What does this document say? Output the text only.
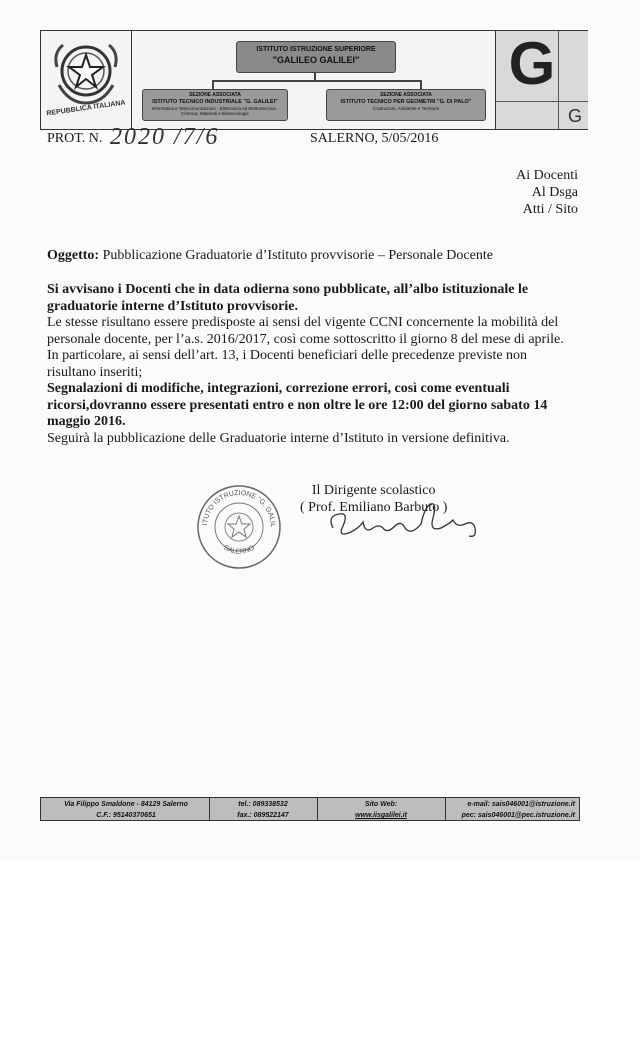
REPUBBLICA ITALIANA
ISTITUTO ISTRUZIONE SUPERIORE
"GALILEO GALILEI"
SEZIONE ASSOCIATA
ISTITUTO TECNICO INDUSTRIALE "G. GALILEI"
Informatica e Telecomunicazioni · Elettronica ed Elettrotecnica · Chimica, Materiali e Biotecnologie
SEZIONE ASSOCIATA
ISTITUTO TECNICO PER GEOMETRI "G. DI PALO"
Costruzioni, Ambiente e Territorio
G
G
PROT. N. 2020 /7/6	SALERNO, 5/05/2016
Ai Docenti
Al Dsga
Atti / Sito
Oggetto: Pubblicazione Graduatorie d’Istituto provvisorie – Personale Docente

Si avvisano i Docenti che in data odierna sono pubblicate, all’albo istituzionale le graduatorie interne d’Istituto provvisorie.

Le stesse risultano essere predisposte ai sensi del vigente CCNI concernente la mobilità del personale docente, per l’a.s. 2016/2017, così come sottoscritto il giorno 8 del mese di aprile. In particolare, ai sensi dell’art. 13, i Docenti beneficiari delle precedenze previste non risultano inseriti;

Segnalazioni di modifiche, integrazioni, correzione errori, così come eventuali ricorsi,dovranno essere presentati entro e non oltre le ore 12:00 del giorno sabato 14 maggio 2016.

Seguirà la pubblicazione delle Graduatorie interne d’Istituto in versione definitiva.

ITUTO ISTRUZIONE "G. GALIL
SALERNO
Il Dirigente scolastico
( Prof. Emiliano Barbuto )
Via Filippo Smaldone - 84129 Salerno
C.F.: 95140370651
tel.: 089338532
fax.: 089522147
Sito Web:
www.iisgalilei.it
e-mail: sais046001@istruzione.it
pec: sais046001@pec.istruzione.it
